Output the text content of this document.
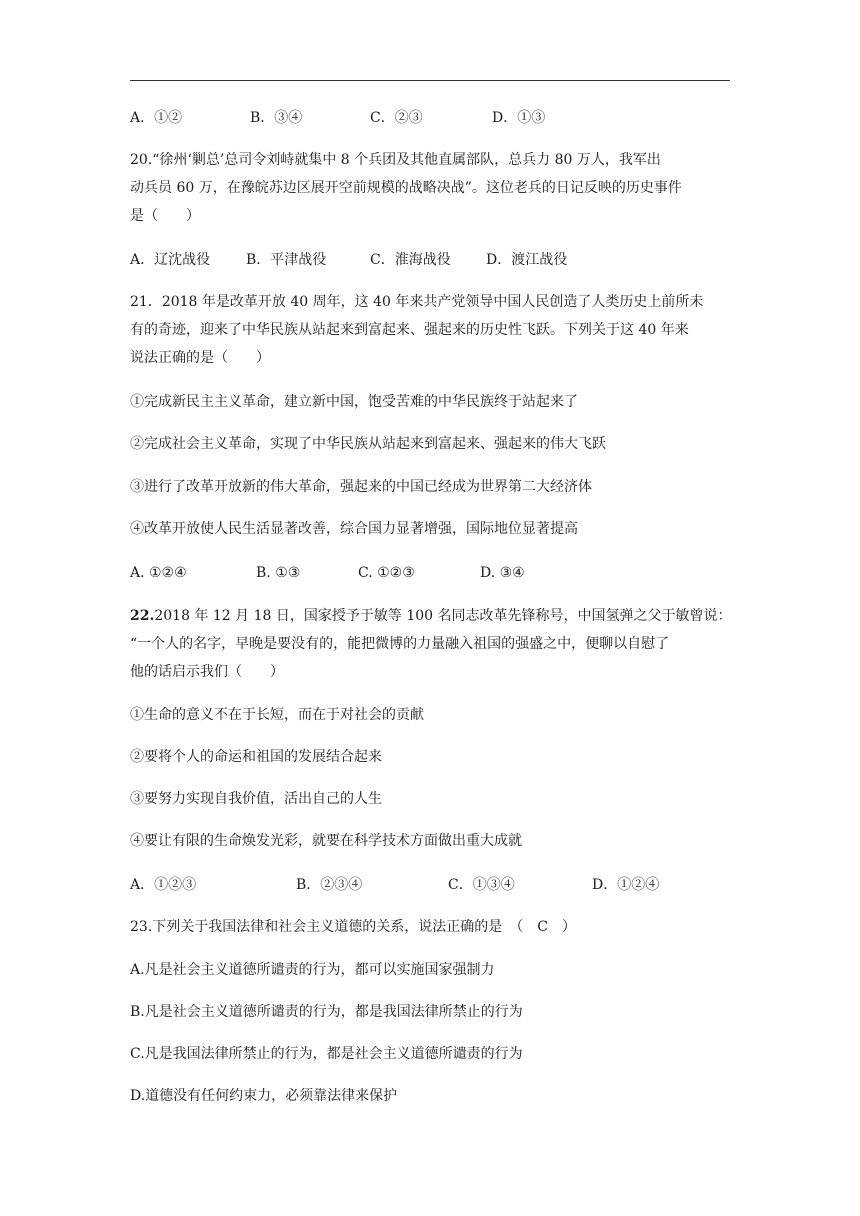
A．①②	B．③④	C．②③	D．①③
20.“徐州‘剿总’总司令刘峙就集中 8 个兵团及其他直属部队，总兵力 80 万人，我军出
动兵员 60 万，在豫皖苏边区展开空前规模的战略决战”。这位老兵的日记反映的历史事件
是（　　）
A．辽沈战役	B．平津战役	C．淮海战役	D．渡江战役
21．2018 年是改革开放 40 周年，这 40 年来共产党领导中国人民创造了人类历史上前所未
有的奇迹，迎来了中华民族从站起来到富起来、强起来的历史性飞跃。下列关于这 40 年来
说法正确的是（　　）
①完成新民主主义革命，建立新中国，饱受苦难的中华民族终于站起来了
②完成社会主义革命，实现了中华民族从站起来到富起来、强起来的伟大飞跃
③进行了改革开放新的伟大革命，强起来的中国已经成为世界第二大经济体
④改革开放使人民生活显著改善，综合国力显著增强，国际地位显著提高
A. ①②④	B. ①③	C. ①②③	D. ③④
22.2018 年 12 月 18 日，国家授予于敏等 100 名同志改革先锋称号，中国氢弹之父于敏曾说：
“一个人的名字，早晚是要没有的，能把微博的力量融入祖国的强盛之中，便聊以自慰了
他的话启示我们（　　）
①生命的意义不在于长短，而在于对社会的贡献
②要将个人的命运和祖国的发展结合起来
③要努力实现自我价值，活出自己的人生
④要让有限的生命焕发光彩，就要在科学技术方面做出重大成就
A．①②③	B．②③④	C．①③④	D．①②④
23.下列关于我国法律和社会主义道德的关系，说法正确的是　（　C　）
A.凡是社会主义道德所谴责的行为，都可以实施国家强制力
B.凡是社会主义道德所谴责的行为，都是我国法律所禁止的行为
C.凡是我国法律所禁止的行为，都是社会主义道德所谴责的行为
D.道德没有任何约束力，必须靠法律来保护
